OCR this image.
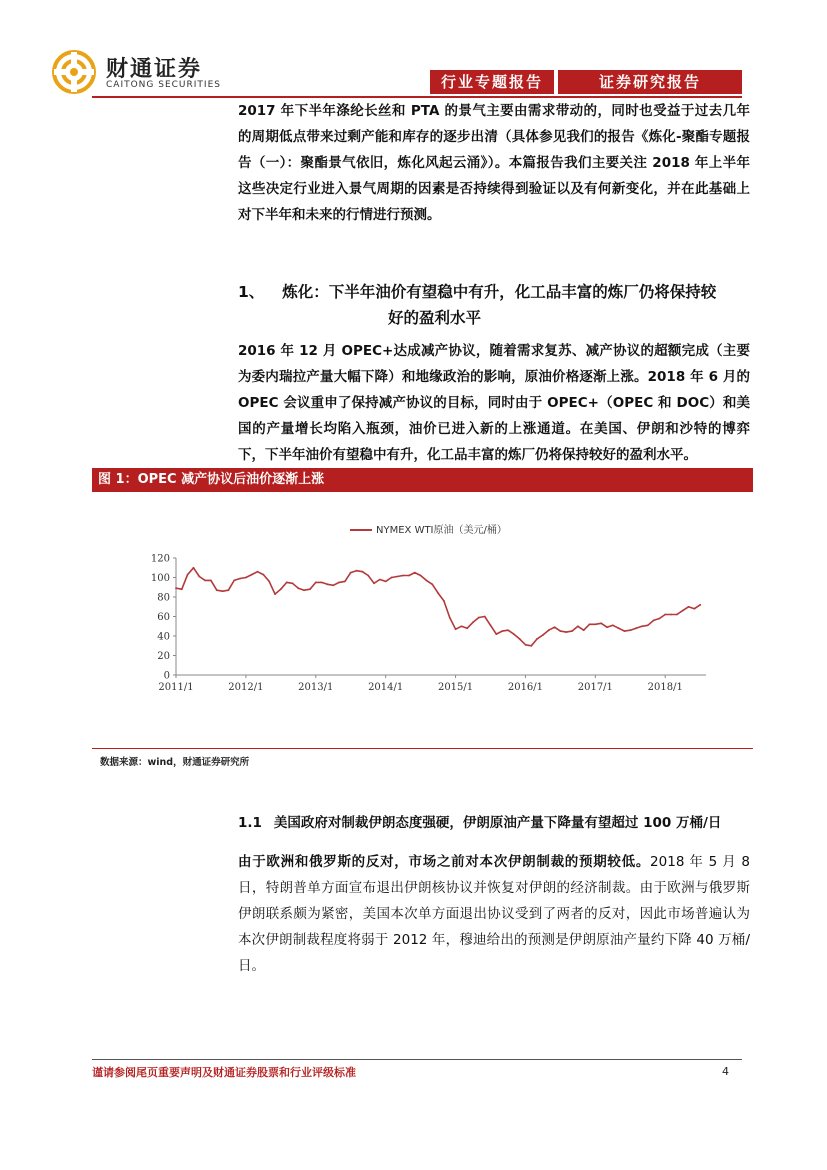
财通证券
CAITONG SECURITIES	行业专题报告	证券研究报告
2017 年下半年涤纶长丝和 PTA 的景气主要由需求带动的，同时也受益于过去几年的周期低点带来过剩产能和库存的逐步出清（具体参见我们的报告《炼化-聚酯专题报告（一）：聚酯景气依旧，炼化风起云涌》）。本篇报告我们主要关注 2018 年上半年这些决定行业进入景气周期的因素是否持续得到验证以及有何新变化，并在此基础上对下半年和未来的行情进行预测。
1、 炼化：下半年油价有望稳中有升，化工品丰富的炼厂仍将保持较
好的盈利水平
2016 年 12 月 OPEC+达成减产协议，随着需求复苏、减产协议的超额完成（主要为委内瑞拉产量大幅下降）和地缘政治的影响，原油价格逐渐上涨。2018 年 6 月的 OPEC 会议重申了保持减产协议的目标，同时由于 OPEC+（OPEC 和 DOC）和美国的产量增长均陷入瓶颈，油价已进入新的上涨通道。在美国、伊朗和沙特的博弈下，下半年油价有望稳中有升，化工品丰富的炼厂仍将保持较好的盈利水平。
图 1：OPEC 减产协议后油价逐渐上涨
NYMEX WTI原油（美元/桶）
0
20
40
60
80
100
120
2011/1	2012/1	2013/1	2014/1	2015/1	2016/1	2017/1	2018/1
数据来源：wind，财通证券研究所
1.1 美国政府对制裁伊朗态度强硬，伊朗原油产量下降量有望超过 100 万桶/日
由于欧洲和俄罗斯的反对，市场之前对本次伊朗制裁的预期较低。2018 年 5 月 8 日，特朗普单方面宣布退出伊朗核协议并恢复对伊朗的经济制裁。由于欧洲与俄罗斯伊朗联系颇为紧密，美国本次单方面退出协议受到了两者的反对，因此市场普遍认为本次伊朗制裁程度将弱于 2012 年，穆迪给出的预测是伊朗原油产量约下降 40 万桶/日。
谨请参阅尾页重要声明及财通证券股票和行业评级标准	4
